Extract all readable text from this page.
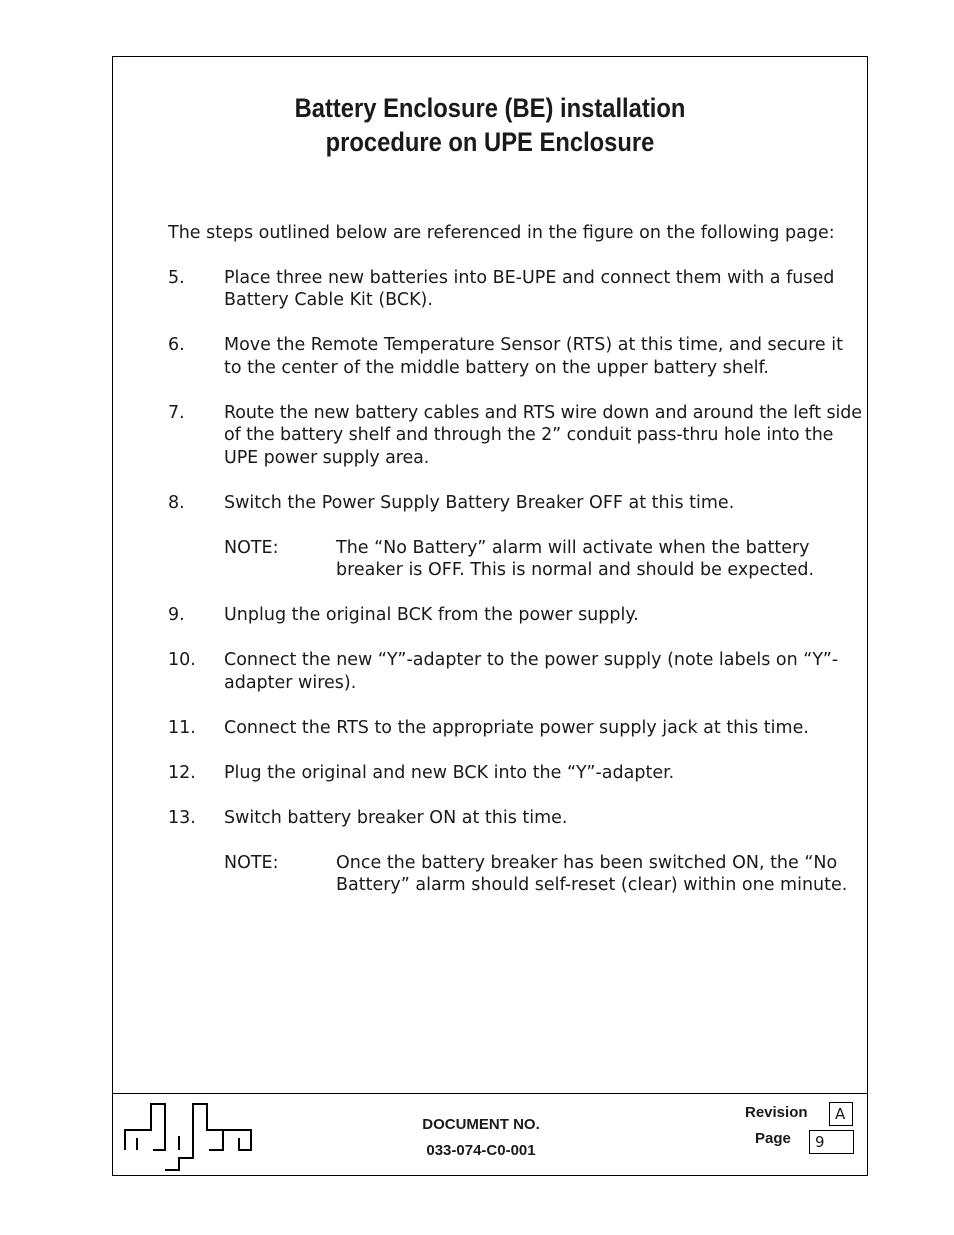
Battery Enclosure (BE) installation
procedure on UPE Enclosure

The steps outlined below are referenced in the figure on the following page:

5. Place three new batteries into BE-UPE and connect them with a fused Battery Cable Kit (BCK).
6. Move the Remote Temperature Sensor (RTS) at this time, and secure it to the center of the middle battery on the upper battery shelf.
7. Route the new battery cables and RTS wire down and around the left side of the battery shelf and through the 2” conduit pass-thru hole into the UPE power supply area.
8. Switch the Power Supply Battery Breaker OFF at this time.
NOTE:	The “No Battery” alarm will activate when the battery breaker is OFF. This is normal and should be expected.
9. Unplug the original BCK from the power supply.
10. Connect the new “Y”-adapter to the power supply (note labels on “Y”-adapter wires).
11. Connect the RTS to the appropriate power supply jack at this time.
12. Plug the original and new BCK into the “Y”-adapter.
13. Switch battery breaker ON at this time.
NOTE:	Once the battery breaker has been switched ON, the “No Battery” alarm should self-reset (clear) within one minute.
DOCUMENT NO.
033-074-C0-001
Revision	A
Page	9
